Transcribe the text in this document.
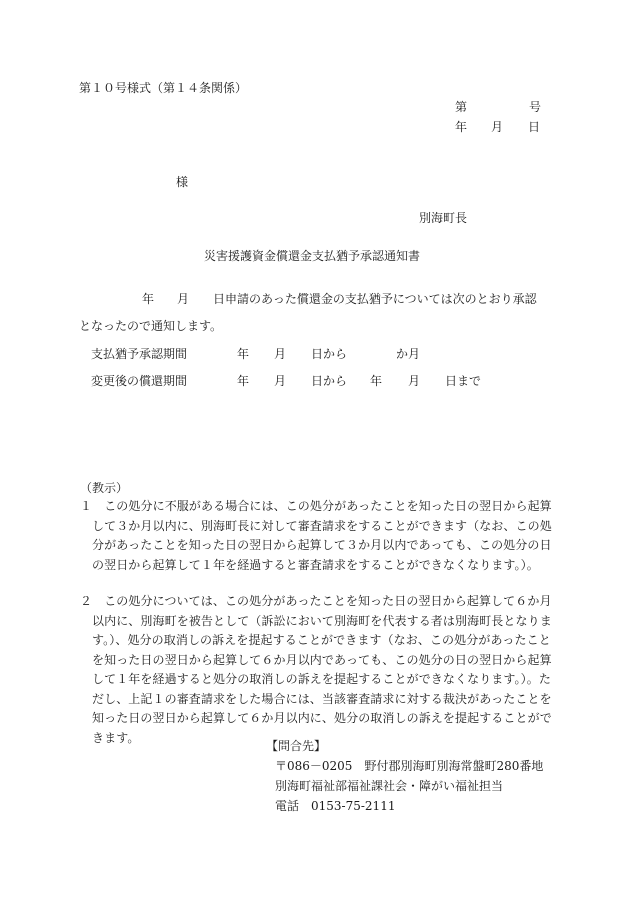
第１０号様式（第１４条関係）
第	号
年 月 日
様
別海町長
災害援護資金償還金支払猶予承認通知書
年 月 日申請のあった償還金の支払猶予については次のとおり承認
となったので通知します。
支払猶予承認期間	年 月 日から	か月
変更後の償還期間	年 月 日から 年 月 日まで
（教示）
１　この処分に不服がある場合には、この処分があったことを知った日の翌日から起算
して３か月以内に、別海町長に対して審査請求をすることができます（なお、この処
分があったことを知った日の翌日から起算して３か月以内であっても、この処分の日
の翌日から起算して１年を経過すると審査請求をすることができなくなります。）。
２　この処分については、この処分があったことを知った日の翌日から起算して６か月
以内に、別海町を被告として（訴訟において別海町を代表する者は別海町長となりま
す。）、処分の取消しの訴えを提起することができます（なお、この処分があったこと
を知った日の翌日から起算して６か月以内であっても、この処分の日の翌日から起算
して１年を経過すると処分の取消しの訴えを提起することができなくなります。）。た
だし、上記１の審査請求をした場合には、当該審査請求に対する裁決があったことを
知った日の翌日から起算して６か月以内に、処分の取消しの訴えを提起することがで
きます。
【問合先】
〒086－0205　野付郡別海町別海常盤町280番地
別海町福祉部福祉課社会・障がい福祉担当
電話　0153-75-2111
